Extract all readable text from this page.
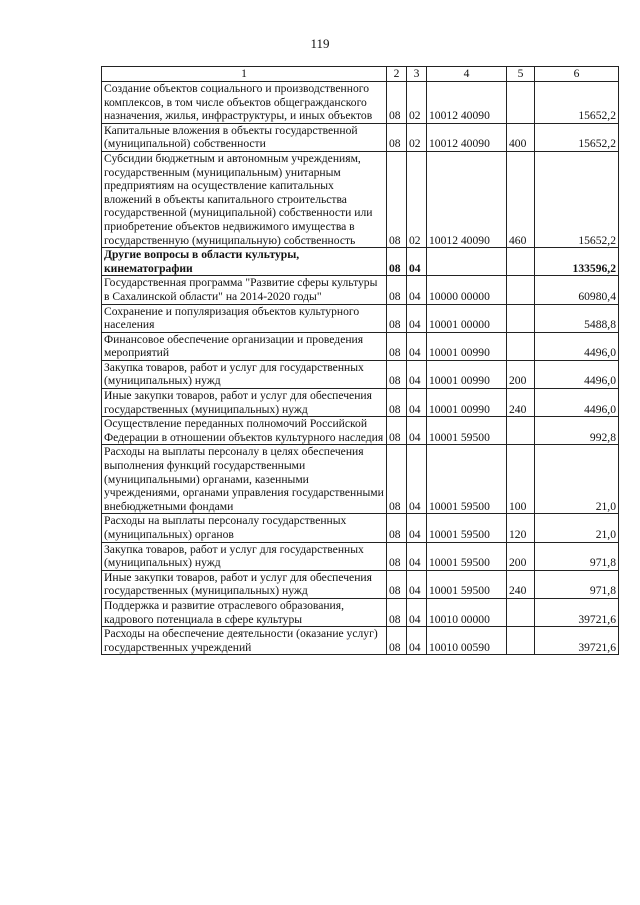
119
1	2	3	4	5	6
Создание объектов социального и производственного комплексов, в том числе объектов общегражданского назначения, жилья, инфраструктуры, и иных объектов	08	02	10012 40090		15652,2
Капитальные вложения в объекты государственной (муниципальной) собственности	08	02	10012 40090	400	15652,2
Субсидии бюджетным и автономным учреждениям, государственным (муниципальным) унитарным предприятиям на осуществление капитальных вложений в объекты капитального строительства государственной (муниципальной) собственности или приобретение объектов недвижимого имущества в государственную (муниципальную) собственность	08	02	10012 40090	460	15652,2
Другие вопросы в области культуры, кинематографии	08	04			133596,2
Государственная программа "Развитие сферы культуры в Сахалинской области" на 2014-2020 годы"	08	04	10000 00000		60980,4
Сохранение и популяризация объектов культурного населения	08	04	10001 00000		5488,8
Финансовое обеспечение организации и проведения мероприятий	08	04	10001 00990		4496,0
Закупка товаров, работ и услуг для государственных (муниципальных) нужд	08	04	10001 00990	200	4496,0
Иные закупки товаров, работ и услуг для обеспечения государственных (муниципальных) нужд	08	04	10001 00990	240	4496,0
Осуществление переданных полномочий Российской Федерации в отношении объектов культурного наследия	08	04	10001 59500		992,8
Расходы на выплаты персоналу в целях обеспечения выполнения функций государственными (муниципальными) органами, казенными учреждениями, органами управления государственными внебюджетными фондами	08	04	10001 59500	100	21,0
Расходы на выплаты персоналу государственных (муниципальных) органов	08	04	10001 59500	120	21,0
Закупка товаров, работ и услуг для государственных (муниципальных) нужд	08	04	10001 59500	200	971,8
Иные закупки товаров, работ и услуг для обеспечения государственных (муниципальных) нужд	08	04	10001 59500	240	971,8
Поддержка и развитие отраслевого образования, кадрового потенциала в сфере культуры	08	04	10010 00000		39721,6
Расходы на обеспечение деятельности (оказание услуг) государственных учреждений	08	04	10010 00590		39721,6
